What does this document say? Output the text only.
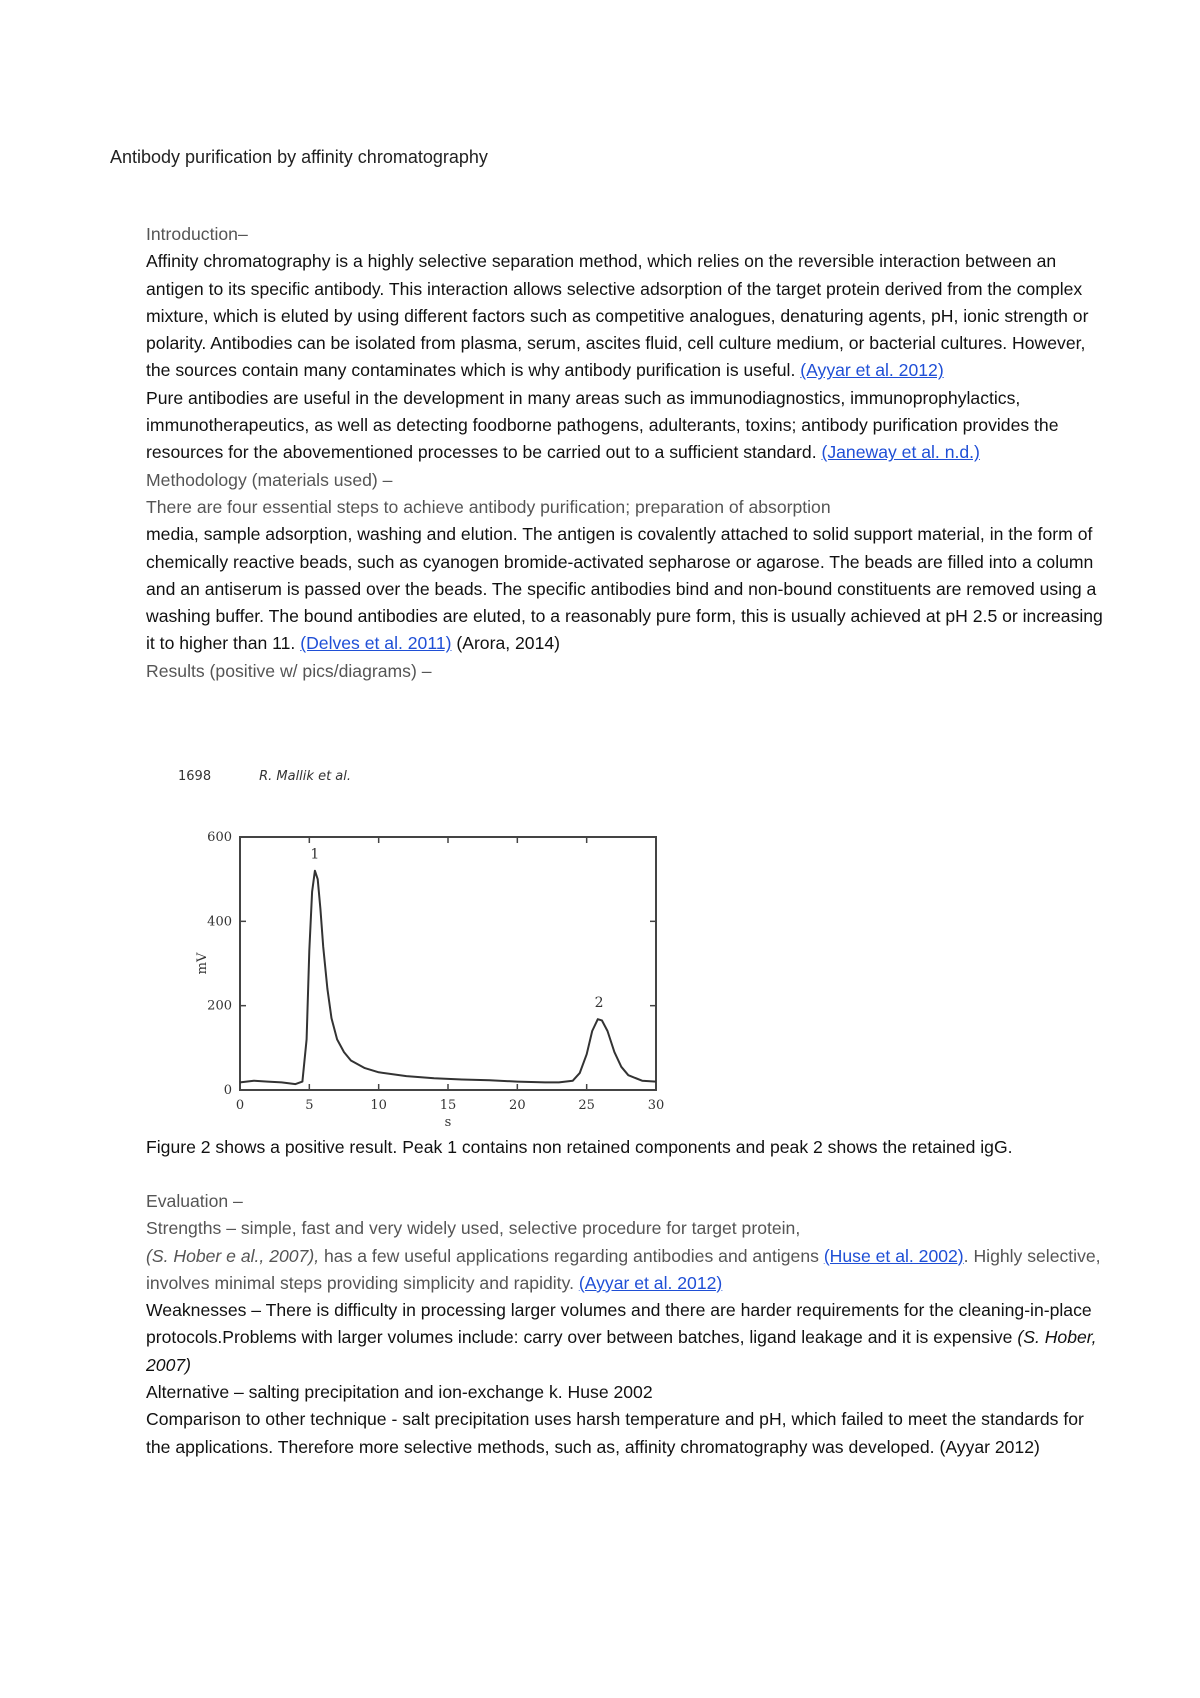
Antibody purification by affinity chromatography

Introduction–

Affinity chromatography is a highly selective separation method, which relies on the reversible interaction between an antigen to its specific antibody. This interaction allows selective adsorption of the target protein derived from the complex mixture, which is eluted by using different factors such as competitive analogues, denaturing agents, pH, ionic strength or polarity. Antibodies can be isolated from plasma, serum, ascites fluid, cell culture medium, or bacterial cultures. However, the sources contain many contaminates which is why antibody purification is useful. (Ayyar et al. 2012)

Pure antibodies are useful in the development in many areas such as immunodiagnostics, immunoprophylactics, immunotherapeutics, as well as detecting foodborne pathogens, adulterants, toxins; antibody purification provides the resources for the abovementioned processes to be carried out to a sufficient standard. (Janeway et al. n.d.)

Methodology (materials used) –

There are four essential steps to achieve antibody purification; preparation of absorption

media, sample adsorption, washing and elution. The antigen is covalently attached to solid support material, in the form of chemically reactive beads, such as cyanogen bromide-activated sepharose or agarose. The beads are filled into a column and an antiserum is passed over the beads. The specific antibodies bind and non-bound constituents are removed using a washing buffer. The bound antibodies are eluted, to a reasonably pure form, this is usually achieved at pH 2.5 or increasing it to higher than 11. (Delves et al. 2011) (Arora, 2014)

Results (positive w/ pics/diagrams) –

1698	R. Mallik et al.
0
200
400
600
0	5	10	15	20	25	30
mV
s
1
2
Figure 2 shows a positive result. Peak 1 contains non retained components and peak 2 shows the retained igG.

Evaluation –

Strengths – simple, fast and very widely used, selective procedure for target protein,

(S. Hober e al., 2007), has a few useful applications regarding antibodies and antigens (Huse et al. 2002). Highly selective, involves minimal steps providing simplicity and rapidity. (Ayyar et al. 2012)

Weaknesses – There is difficulty in processing larger volumes and there are harder requirements for the cleaning-in-place protocols.Problems with larger volumes include: carry over between batches, ligand leakage and it is expensive (S. Hober, 2007)

Alternative – salting precipitation and ion-exchange k. Huse 2002

Comparison to other technique - salt precipitation uses harsh temperature and pH, which failed to meet the standards for the applications. Therefore more selective methods, such as, affinity chromatography was developed. (Ayyar 2012)
